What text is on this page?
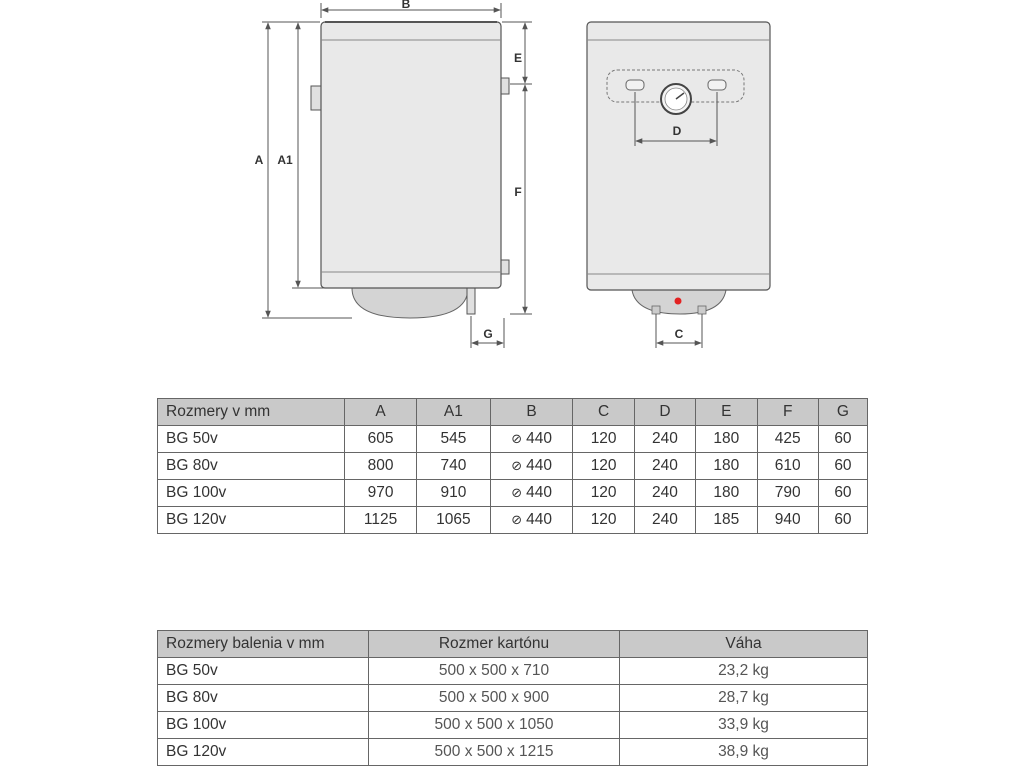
B
A A1
E
F
G
D
C
Rozmery v mm	A	A1	B	C	D	E	F	G
BG 50v	605	545	⊘ 440	120	240	180	425	60
BG 80v	800	740	⊘ 440	120	240	180	610	60
BG 100v	970	910	⊘ 440	120	240	180	790	60
BG 120v	1125	1065	⊘ 440	120	240	185	940	60
Rozmery balenia v mm	Rozmer kartónu	Váha
BG 50v	500 x 500 x 710	23,2 kg
BG 80v	500 x 500 x 900	28,7 kg
BG 100v	500 x 500 x 1050	33,9 kg
BG 120v	500 x 500 x 1215	38,9 kg
